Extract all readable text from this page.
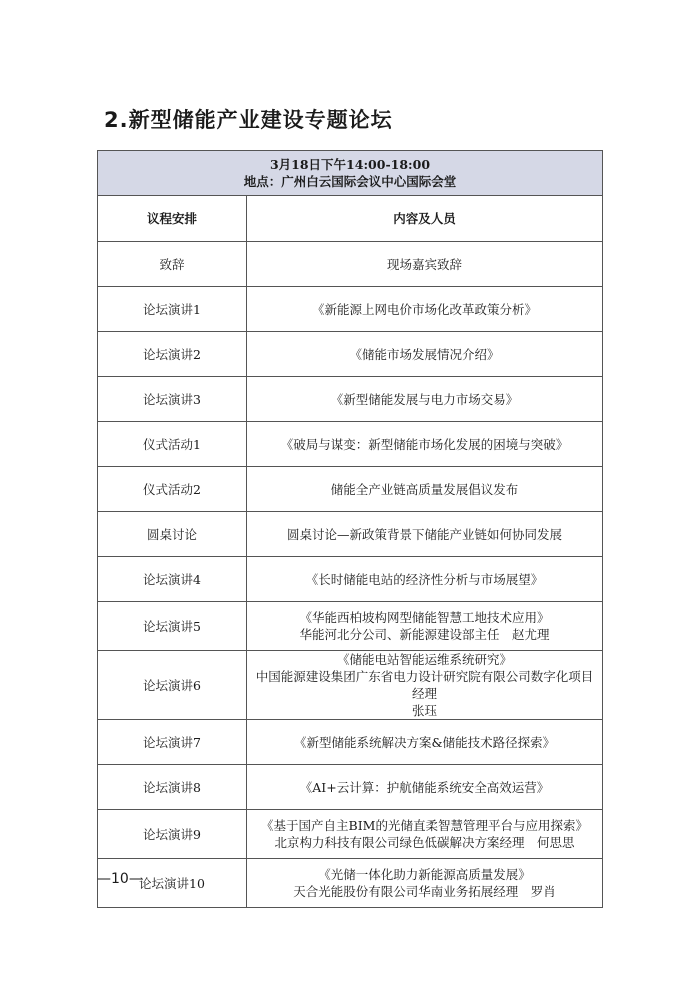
2.新型储能产业建设专题论坛
3月18日下午14:00-18:00
地点：广州白云国际会议中心国际会堂	

议程安排	内容及人员
致辞	现场嘉宾致辞

论坛演讲1	《新能源上网电价市场化改革政策分析》

论坛演讲2	《储能市场发展情况介绍》

论坛演讲3	《新型储能发展与电力市场交易》

仪式活动1	《破局与谋变：新型储能市场化发展的困境与突破》

仪式活动2	储能全产业链高质量发展倡议发布

圆桌讨论	圆桌讨论—新政策背景下储能产业链如何协同发展

论坛演讲4	《长时储能电站的经济性分析与市场展望》

论坛演讲5	《华能西柏坡构网型储能智慧工地技术应用》
华能河北分公司、新能源建设部主任　赵尤理

论坛演讲6	《储能电站智能运维系统研究》
中国能源建设集团广东省电力设计研究院有限公司数字化项目经理
张珏

论坛演讲7	《新型储能系统解决方案&储能技术路径探索》

论坛演讲8	《AI+云计算：护航储能系统安全高效运营》

论坛演讲9	《基于国产自主BIM的光储直柔智慧管理平台与应用探索》
北京构力科技有限公司绿色低碳解决方案经理　何思思

论坛演讲10	《光储一体化助力新能源高质量发展》
天合光能股份有限公司华南业务拓展经理　罗肖
—10—
